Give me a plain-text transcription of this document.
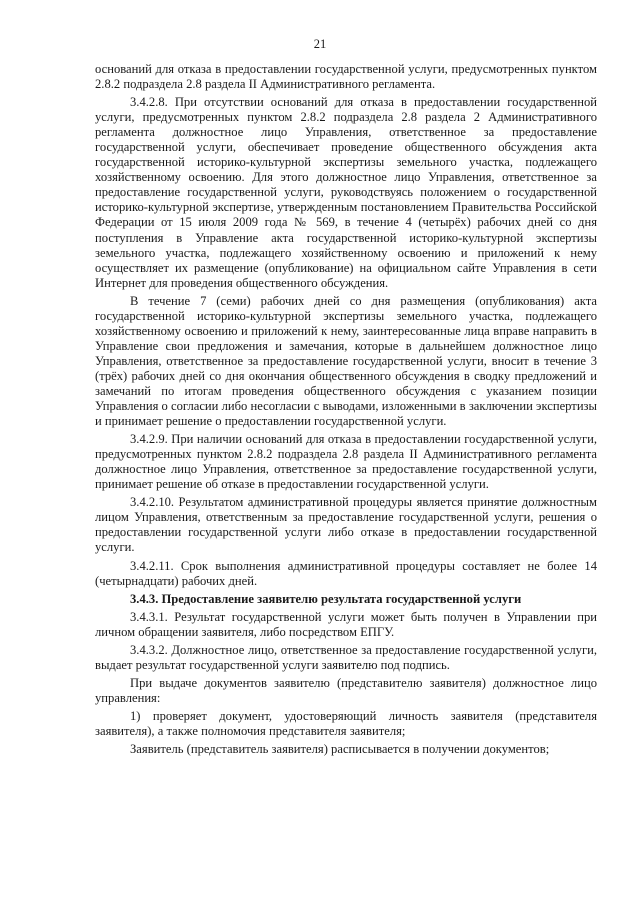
21

оснований для отказа в предоставлении государственной услуги, предусмотренных пунктом 2.8.2 подраздела 2.8 раздела II Административного регламента.

3.4.2.8. При отсутствии оснований для отказа в предоставлении государственной услуги, предусмотренных пунктом 2.8.2 подраздела 2.8 раздела 2 Административного регламента должностное лицо Управления, ответственное за предоставление государственной услуги, обеспечивает проведение общественного обсуждения акта государственной историко-культурной экспертизы земельного участка, подлежащего хозяйственному освоению. Для этого должностное лицо Управления, ответственное за предоставление государственной услуги, руководствуясь положением о государственной историко-культурной экспертизе, утвержденным постановлением Правительства Российской Федерации от 15 июля 2009 года № 569, в течение 4 (четырёх) рабочих дней со дня поступления в Управление акта государственной историко-культурной экспертизы земельного участка, подлежащего хозяйственному освоению и приложений к нему осуществляет их размещение (опубликование) на официальном сайте Управления в сети Интернет для проведения общественного обсуждения.

В течение 7 (семи) рабочих дней со дня размещения (опубликования) акта государственной историко-культурной экспертизы земельного участка, подлежащего хозяйственному освоению и приложений к нему, заинтересованные лица вправе направить в Управление свои предложения и замечания, которые в дальнейшем должностное лицо Управления, ответственное за предоставление государственной услуги, вносит в течение 3 (трёх) рабочих дней со дня окончания общественного обсуждения в сводку предложений и замечаний по итогам проведения общественного обсуждения с указанием позиции Управления о согласии либо несогласии с выводами, изложенными в заключении экспертизы и принимает решение о предоставлении государственной услуги.

3.4.2.9. При наличии оснований для отказа в предоставлении государственной услуги, предусмотренных пунктом 2.8.2 подраздела 2.8 раздела II Административного регламента должностное лицо Управления, ответственное за предоставление государственной услуги, принимает решение об отказе в предоставлении государственной услуги.

3.4.2.10. Результатом административной процедуры является принятие должностным лицом Управления, ответственным за предоставление государственной услуги, решения о предоставлении государственной услуги либо отказе в предоставлении государственной услуги.

3.4.2.11. Срок выполнения административной процедуры составляет не более 14 (четырнадцати) рабочих дней.

3.4.3. Предоставление заявителю результата государственной услуги

3.4.3.1. Результат государственной услуги может быть получен в Управлении при личном обращении заявителя, либо посредством ЕПГУ.

3.4.3.2. Должностное лицо, ответственное за предоставление государственной услуги, выдает результат государственной услуги заявителю под подпись.

При выдаче документов заявителю (представителю заявителя) должностное лицо управления:

1) проверяет документ, удостоверяющий личность заявителя (представителя заявителя), а также полномочия представителя заявителя;

Заявитель (представитель заявителя) расписывается в получении документов;
